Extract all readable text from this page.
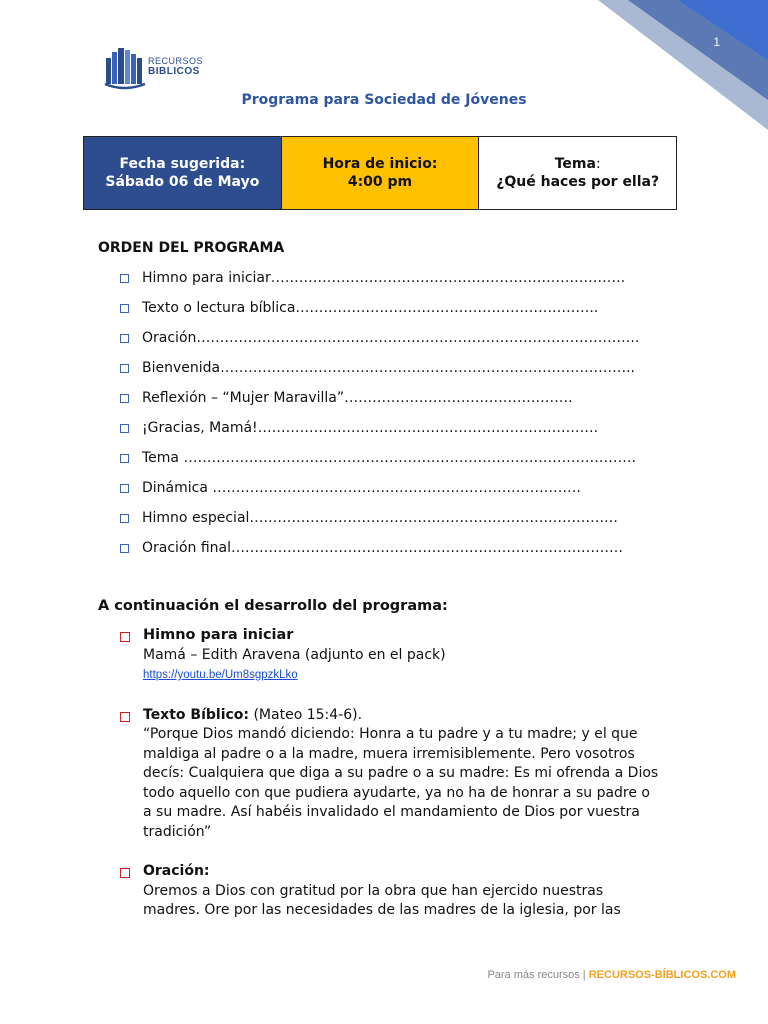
1
RECURSOS
BIBLICOS
Programa para Sociedad de Jóvenes
Fecha sugerida:
Sábado 06 de Mayo
Hora de inicio:
4:00 pm
Tema:
¿Qué haces por ella?
ORDEN DEL PROGRAMA
Himno para iniciar………………………………………………………………….
Texto o lectura bíblica………………………………………………………..
Oración…………………………………………………………………………………..
Bienvenida……………………………………………………………………………..
Reflexión – “Mujer Maravilla”………………………………………….
¡Gracias, Mamá!……………………………………………………………….
Tema …………………………………………………………………………………….
Dinámica …………………………………………………………………….
Himno especial…………………………………………………………………….
Oración final…………………………………………………………………………
A continuación el desarrollo del programa:
Himno para iniciar
Mamá – Edith Aravena (adjunto en el pack)
https://youtu.be/Um8sgpzkLko
Texto Bíblico: (Mateo 15:4-6).
“Porque Dios mandó diciendo: Honra a tu padre y a tu madre; y el que maldiga al padre o a la madre, muera irremisiblemente. Pero vosotros decís: Cualquiera que diga a su padre o a su madre: Es mi ofrenda a Dios todo aquello con que pudiera ayudarte, ya no ha de honrar a su padre o a su madre. Así habéis invalidado el mandamiento de Dios por vuestra tradición”
Oración:
Oremos a Dios con gratitud por la obra que han ejercido nuestras madres. Ore por las necesidades de las madres de la iglesia, por las
Para más recursos | RECURSOS-BÍBLICOS.COM
